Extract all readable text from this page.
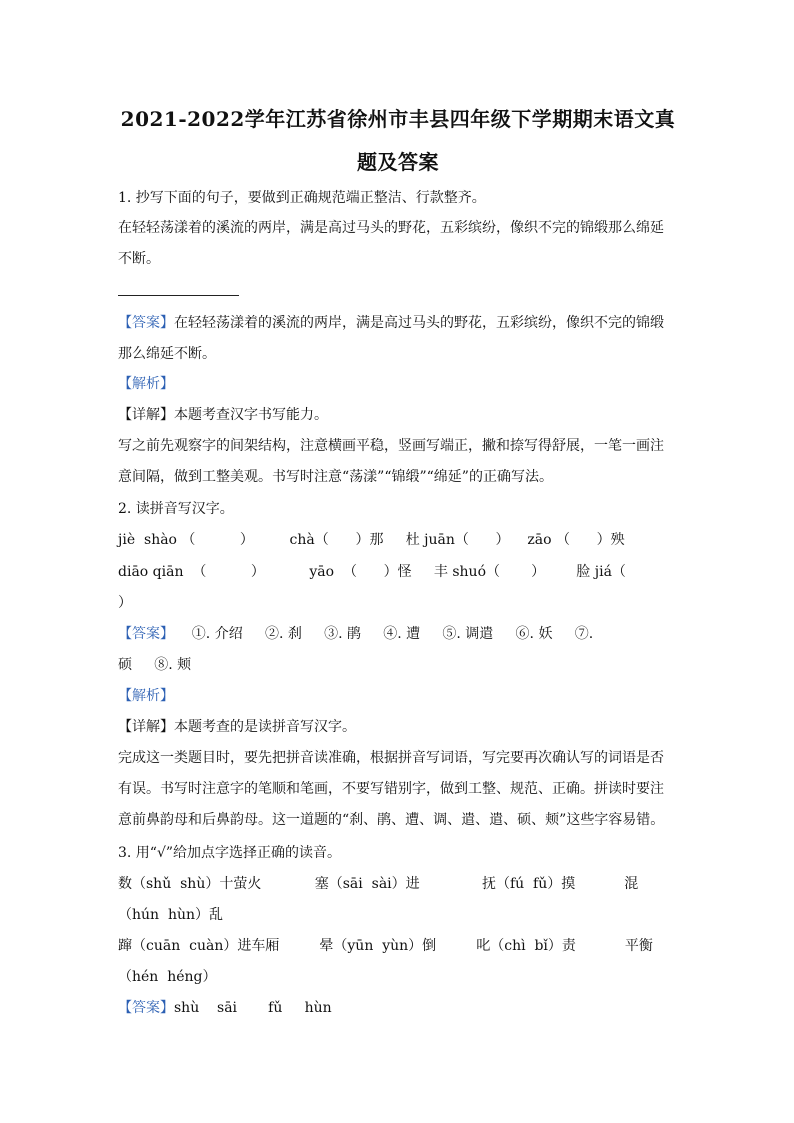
2021-2022学年江苏省徐州市丰县四年级下学期期末语文真
题及答案
1. 抄写下面的句子，要做到正确规范端正整洁、行款整齐。
在轻轻荡漾着的溪流的两岸，满是高过马头的野花，五彩缤纷，像织不完的锦缎那么绵延
不断。
【答案】在轻轻荡漾着的溪流的两岸，满是高过马头的野花，五彩缤纷，像织不完的锦缎
那么绵延不断。
【解析】
【详解】本题考查汉字书写能力。
写之前先观察字的间架结构，注意横画平稳，竖画写端正，撇和捺写得舒展，一笔一画注
意间隔，做到工整美观。书写时注意“荡漾”“锦缎”“绵延”的正确写法。
2. 读拼音写汉字。
jiè  shào （          ）        chà（      ）那     杜 juān（      ）    zāo （      ）殃
diāo qiān  （          ）          yāo  （      ）怪     丰 shuó（       ）       脸 jiá（
）
【答案】    ①. 介绍     ②. 刹     ③. 鹃     ④. 遭     ⑤. 调遣     ⑥. 妖     ⑦.
硕     ⑧. 颊
【解析】
【详解】本题考查的是读拼音写汉字。
完成这一类题目时，要先把拼音读准确，根据拼音写词语，写完要再次确认写的词语是否
有误。书写时注意字的笔顺和笔画，不要写错别字，做到工整、规范、正确。拼读时要注
意前鼻韵母和后鼻韵母。这一道题的“刹、鹃、遭、调、遣、遣、硕、颊”这些字容易错。
3. 用“√”给加点字选择正确的读音。
数（shǔ  shù）十萤火            塞（sāi  sài）进              抚（fú  fǔ）摸           混
（hún  hùn）乱
蹿（cuān  cuàn）进车厢         晕（yūn  yùn）倒         叱（chì  bǐ）责           平衡
（hén  héng）
【答案】shù    sāi       fǔ     hùn
